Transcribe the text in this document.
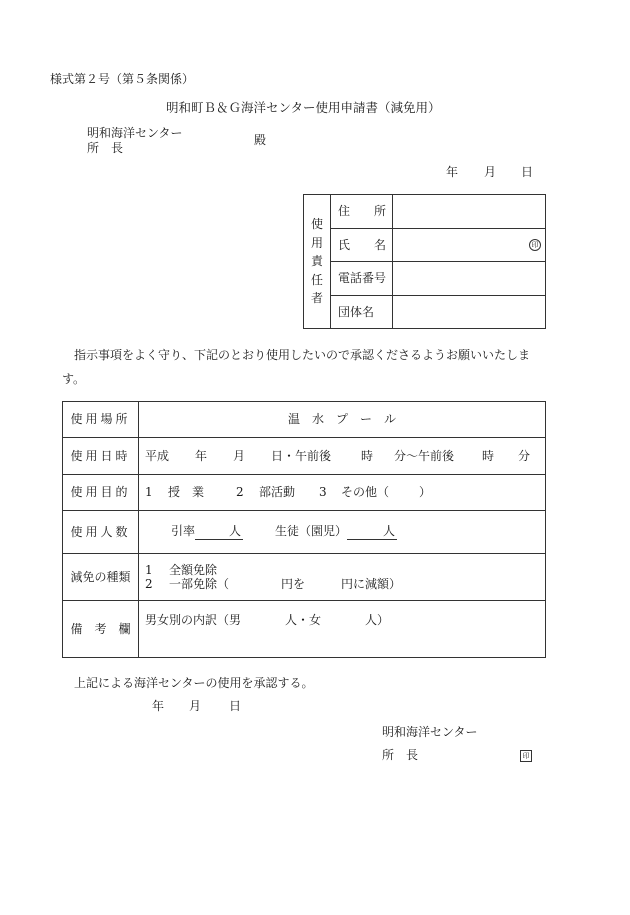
様式第２号（第５条関係）
明和町Ｂ＆Ｇ海洋センター使用申請書（減免用）
明和海洋センター
所　長
殿
年 月 日
使
用
責
任
者	住　　所	
	氏　　名	印

	電話番号	
	団体名	
指示事項をよく守り、下記のとおり使用したいので承認くださるようお願いいたしま
す。
使用場所	温　水　プ　ー　ル
使用日時	平成 年 月 日・午前後 時 分〜午前後 時 分
使用目的	1 授　業 2 部活動 3 その他（ ）
使用人数	引率 人 生徒（園児） 人
減免の種類	1 全額免除
2 一部免除（ 円を 円に減額）

備　考　欄	男女別の内訳（男 人・女 人）
上記による海洋センターの使用を承認する。
年 月 日
明和海洋センター
所　長	印
